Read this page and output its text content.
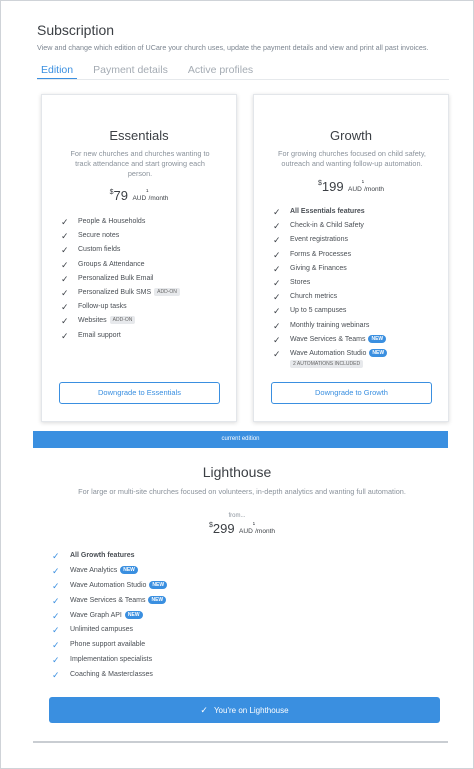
Subscription
View and change which edition of UCare your church uses, update the payment details and view and print all past invoices.
Edition	Payment details	Active profiles
Essentials
For new churches and churches wanting to track attendance and start growing each person.
$79 $AUD^{^1}$/month
✓ People & Households
✓ Secure notes
✓ Custom fields
✓ Groups & Attendance
✓ Personalized Bulk Email
✓ Personalized Bulk SMS ADD-ON
✓ Follow-up tasks
✓ Websites ADD-ON
✓ Email support
Downgrade to Essentials
Growth
For growing churches focused on child safety, outreach and wanting follow-up automation.
$199 $AUD^{^1}$/month
✓ All Essentials features
✓ Check-in & Child Safety
✓ Event registrations
✓ Forms & Processes
✓ Giving & Finances
✓ Stores
✓ Church metrics
✓ Up to 5 campuses
✓ Monthly training webinars
✓ Wave Services & Teams NEW
✓ Wave Automation Studio NEW
2 AUTOMATIONS INCLUDED
Downgrade to Growth
current edition
Lighthouse
For large or multi-site churches focused on volunteers, in-depth analytics and wanting full automation.
from...
$299 $AUD^{^1}$/month
✓ All Growth features
✓ Wave Analytics NEW
✓ Wave Automation Studio NEW
✓ Wave Services & Teams NEW
✓ Wave Graph API NEW
✓ Unlimited campuses
✓ Phone support available
✓ Implementation specialists
✓ Coaching & Masterclasses
✓ You're on Lighthouse
